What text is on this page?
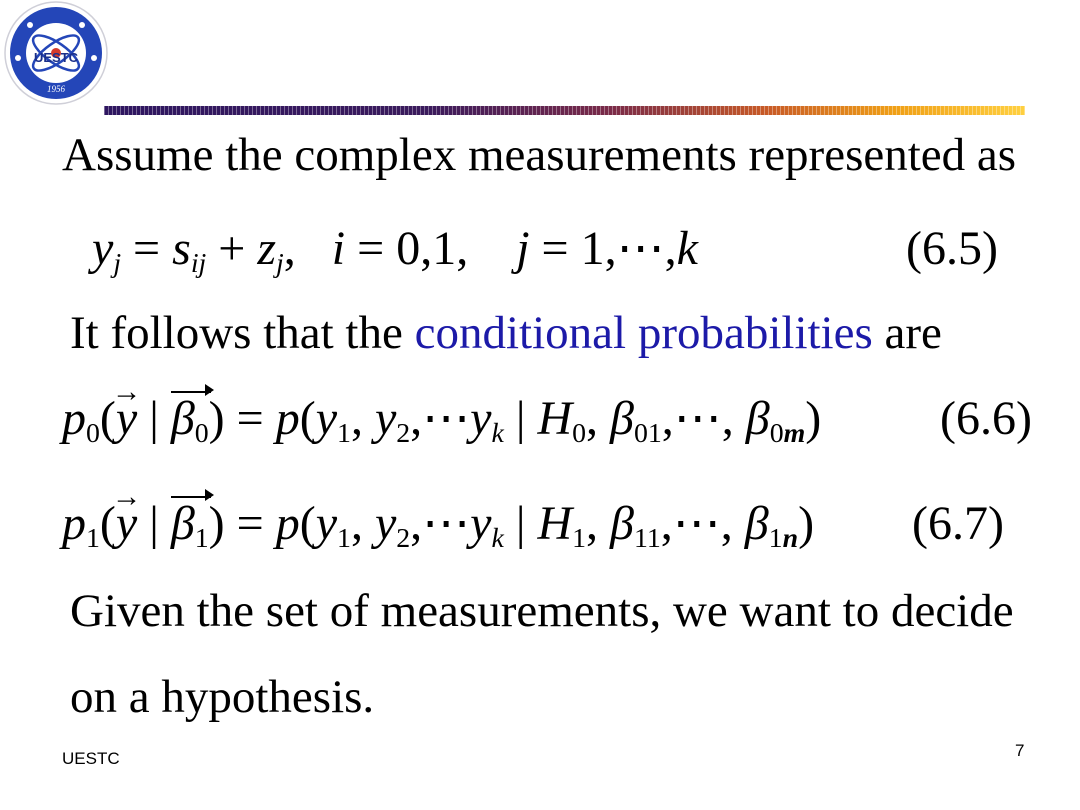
UESTC
1956

Assume the complex measurements represented as

$y_j = s_{ij} + z_j$,   i = 0,1,    j = 1,⋯,k	(6.5)

It follows that the conditional probabilities are

$p_0(\to y$ | $\beta_0) = p(y_1$, $y_2,\cdots y_k$ | $H_0$, $\beta_{01},\cdots$, $\beta_{0m}$) (6.6)
$p_1(\to y$ | $\beta_1) = p(y_1$, $y_2,\cdots y_k$ | $H_1$, $\beta_{11},\cdots$, $\beta_{1n}$) (6.7)

Given the set of measurements, we want to decide

on a hypothesis.

UESTC	7
